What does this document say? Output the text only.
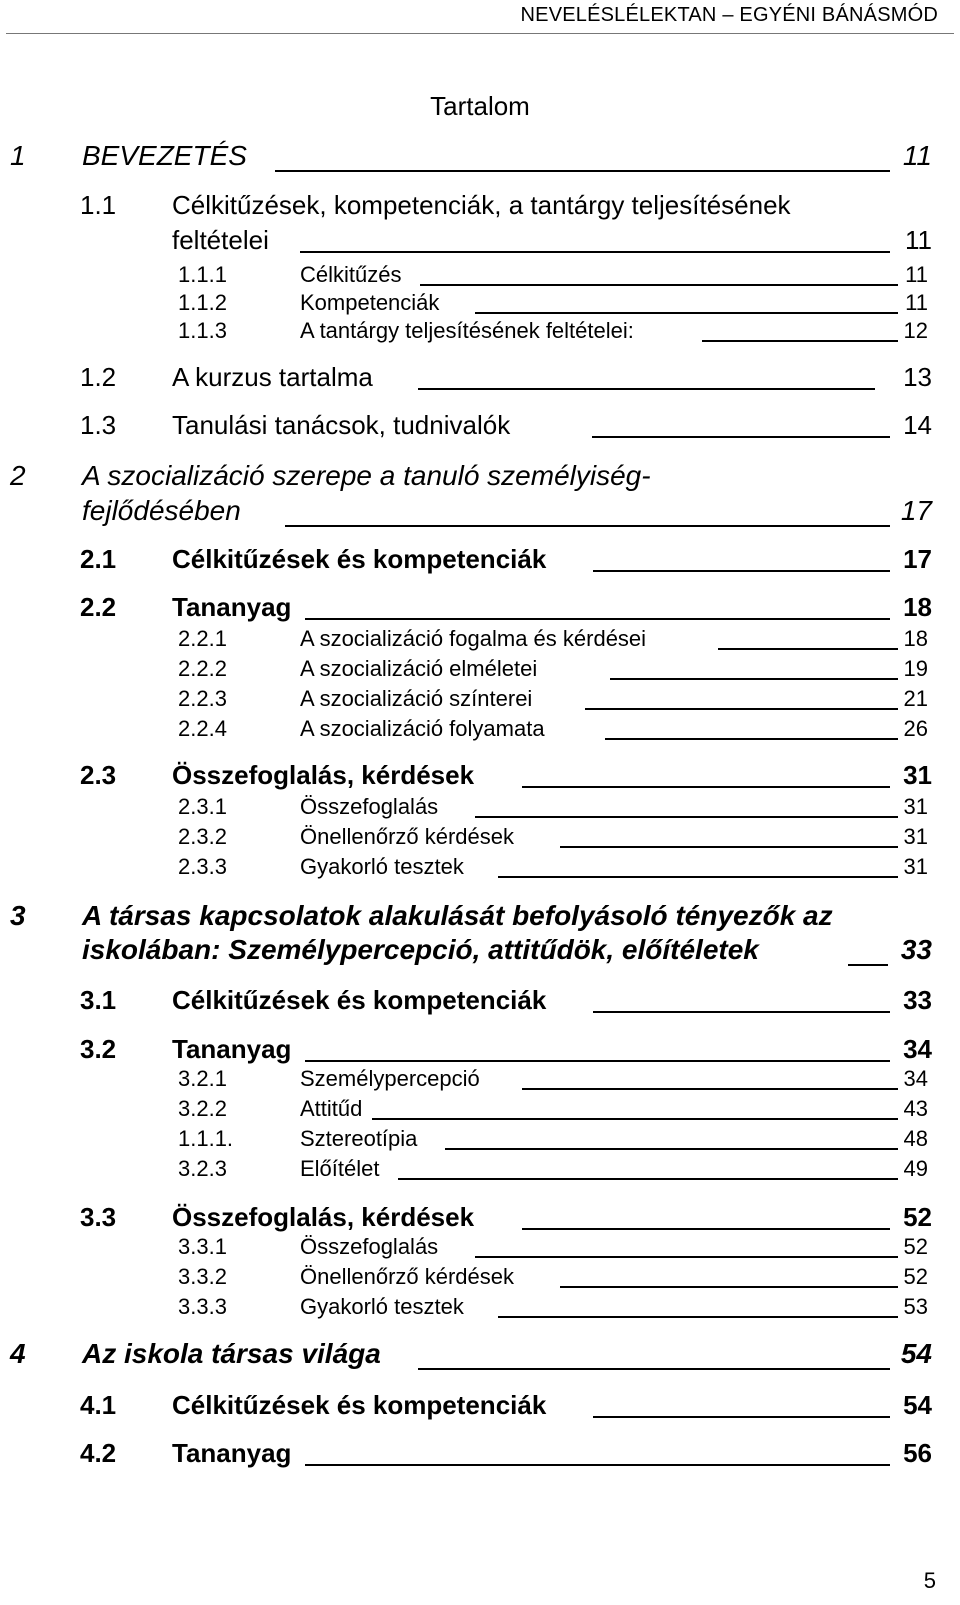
NEVELÉSLÉLEKTAN – EGYÉNI BÁNÁSMÓD
Tartalom
1 BEVEZETÉS	11
1.1 Célkitűzések, kompetenciák, a tantárgy teljesítésének
feltételei	11
1.1.1	Célkitűzés	11
1.1.2	Kompetenciák	11
1.1.3	A tantárgy teljesítésének feltételei:	12
1.2 A kurzus tartalma	13
1.3 Tanulási tanácsok, tudnivalók	14
2 A szocializáció szerepe a tanuló személyiség-
fejlődésében	17
2.1 Célkitűzések és kompetenciák	17
2.2 Tananyag	18
2.2.1	A szocializáció fogalma és kérdései	18
2.2.2	A szocializáció elméletei	19
2.2.3	A szocializáció színterei	21
2.2.4	A szocializáció folyamata	26
2.3 Összefoglalás, kérdések	31
2.3.1	Összefoglalás	31
2.3.2	Önellenőrző kérdések	31
2.3.3	Gyakorló tesztek	31
3 A társas kapcsolatok alakulását befolyásoló tényezők az
iskolában: Személypercepció, attitűdök, előítéletek	33
3.1 Célkitűzések és kompetenciák	33
3.2 Tananyag	34
3.2.1	Személypercepció	34
3.2.2	Attitűd	43
1.1.1.	Sztereotípia	48
3.2.3	Előítélet	49
3.3 Összefoglalás, kérdések	52
3.3.1	Összefoglalás	52
3.3.2	Önellenőrző kérdések	52
3.3.3	Gyakorló tesztek	53
4 Az iskola társas világa	54
4.1 Célkitűzések és kompetenciák	54
4.2 Tananyag	56
5
